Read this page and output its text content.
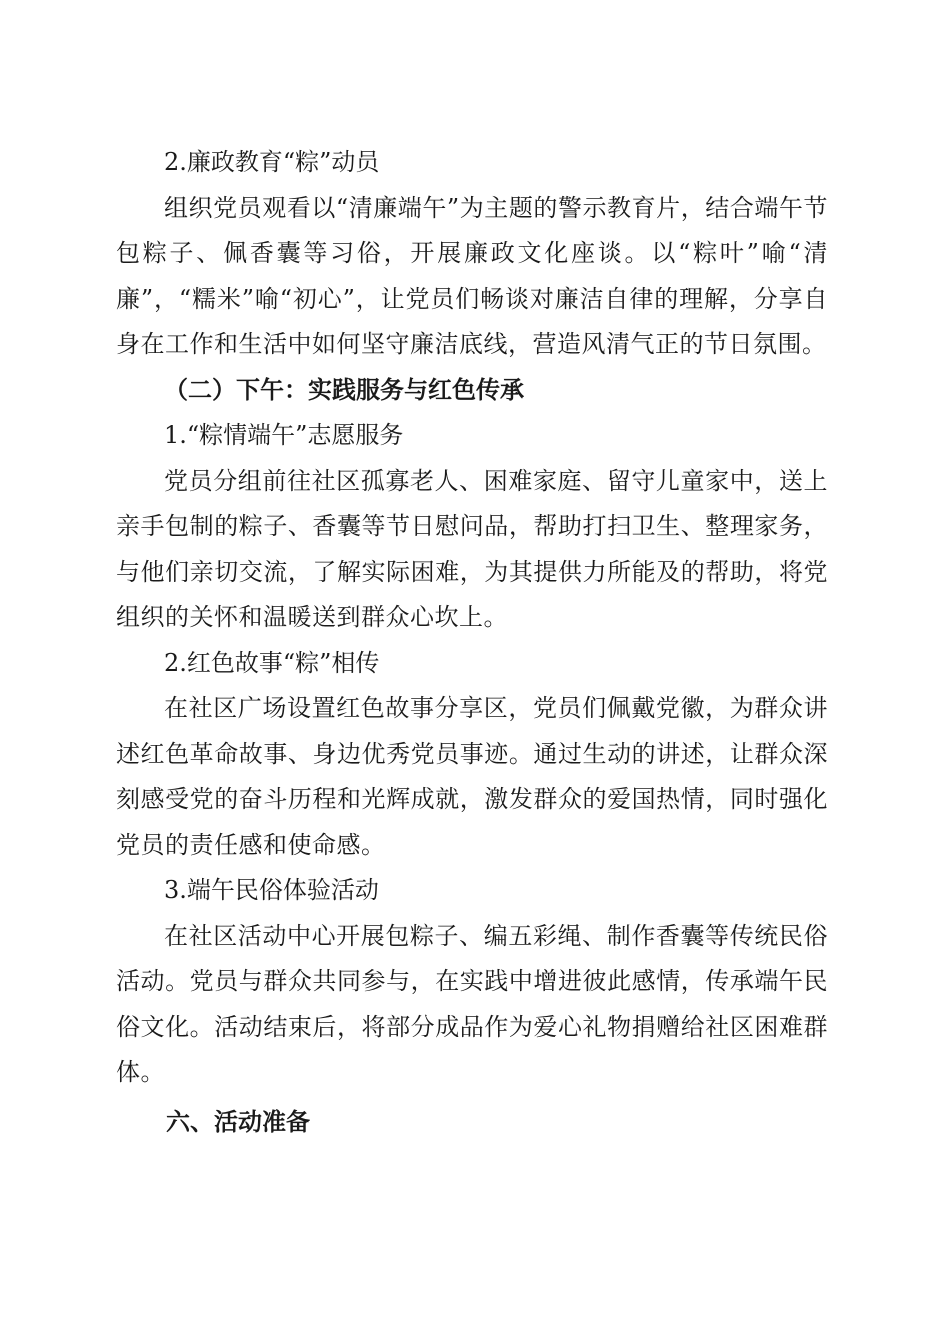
2.廉政教育“粽”动员

组织党员观看以“清廉端午”为主题的警示教育片，结合端午节包粽子、佩香囊等习俗，开展廉政文化座谈。以“粽叶”喻“清廉”，“糯米”喻“初心”，让党员们畅谈对廉洁自律的理解，分享自身在工作和生活中如何坚守廉洁底线，营造风清气正的节日氛围。

（二）下午：实践服务与红色传承

1.“粽情端午”志愿服务

党员分组前往社区孤寡老人、困难家庭、留守儿童家中，送上亲手包制的粽子、香囊等节日慰问品，帮助打扫卫生、整理家务，与他们亲切交流，了解实际困难，为其提供力所能及的帮助，将党组织的关怀和温暖送到群众心坎上。

2.红色故事“粽”相传

在社区广场设置红色故事分享区，党员们佩戴党徽，为群众讲述红色革命故事、身边优秀党员事迹。通过生动的讲述，让群众深刻感受党的奋斗历程和光辉成就，激发群众的爱国热情，同时强化党员的责任感和使命感。

3.端午民俗体验活动

在社区活动中心开展包粽子、编五彩绳、制作香囊等传统民俗活动。党员与群众共同参与，在实践中增进彼此感情，传承端午民俗文化。活动结束后，将部分成品作为爱心礼物捐赠给社区困难群体。

六、活动准备
